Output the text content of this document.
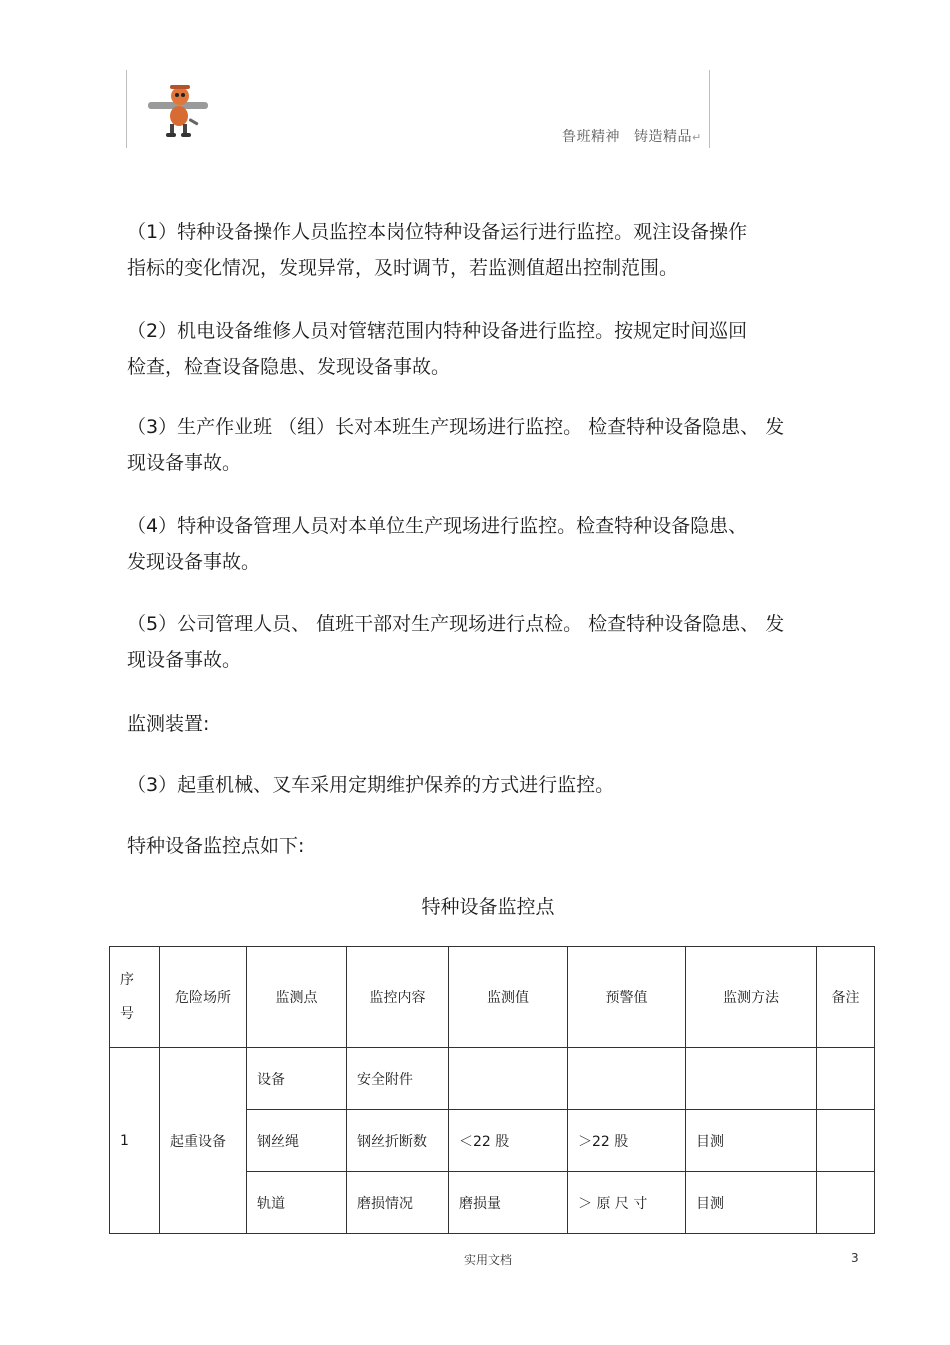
鲁班精神 铸造精品↵

（1）特种设备操作人员监控本岗位特种设备运行进行监控。观注设备操作
指标的变化情况，发现异常，及时调节，若监测值超出控制范围。

（2）机电设备维修人员对管辖范围内特种设备进行监控。按规定时间巡回
检查，检查设备隐患、发现设备事故。

（3）生产作业班 （组）长对本班生产现场进行监控。 检查特种设备隐患、 发
现设备事故。

（4）特种设备管理人员对本单位生产现场进行监控。检查特种设备隐患、
发现设备事故。

（5）公司管理人员、 值班干部对生产现场进行点检。 检查特种设备隐患、 发
现设备事故。

监测装置:

（3）起重机械、叉车采用定期维护保养的方式进行监控。

特种设备监控点如下:

特种设备监控点
序
号	危险场所	监测点	监控内容	监测值	预警值	监测方法	备注
1	起重设备	设备	安全附件				
		钢丝绳	钢丝折断数	＜22 股	＞22 股	目测	
		轨道	磨损情况	磨损量	＞ 原 尺 寸	目测	
实用文档	3
